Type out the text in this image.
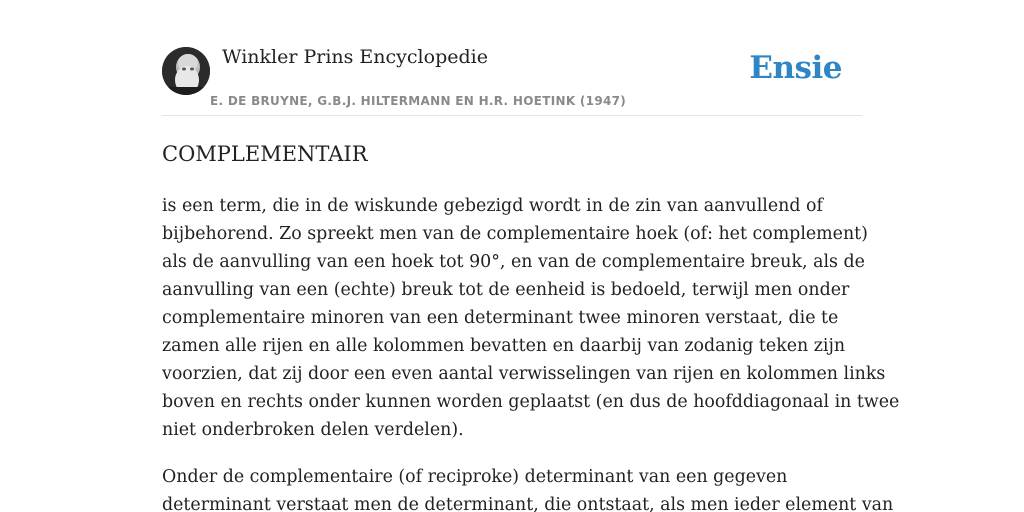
Winkler Prins Encyclopedie
E. DE BRUYNE, G.B.J. HILTERMANN EN H.R. HOETINK (1947)
Ensie
COMPLEMENTAIR

is een term, die in de wiskunde gebezigd wordt in de zin van aanvullend of
bijbehorend. Zo spreekt men van de complementaire hoek (of: het complement)
als de aanvulling van een hoek tot 90°, en van de complementaire breuk, als de
aanvulling van een (echte) breuk tot de eenheid is bedoeld, terwijl men onder
complementaire minoren van een determinant twee minoren verstaat, die te
zamen alle rijen en alle kolommen bevatten en daarbij van zodanig teken zijn
voorzien, dat zij door een even aantal verwisselingen van rijen en kolommen links
boven en rechts onder kunnen worden geplaatst (en dus de hoofddiagonaal in twee
niet onderbroken delen verdelen).

Onder de complementaire (of reciproke) determinant van een gegeven
determinant verstaat men de determinant, die ontstaat, als men ieder element van
